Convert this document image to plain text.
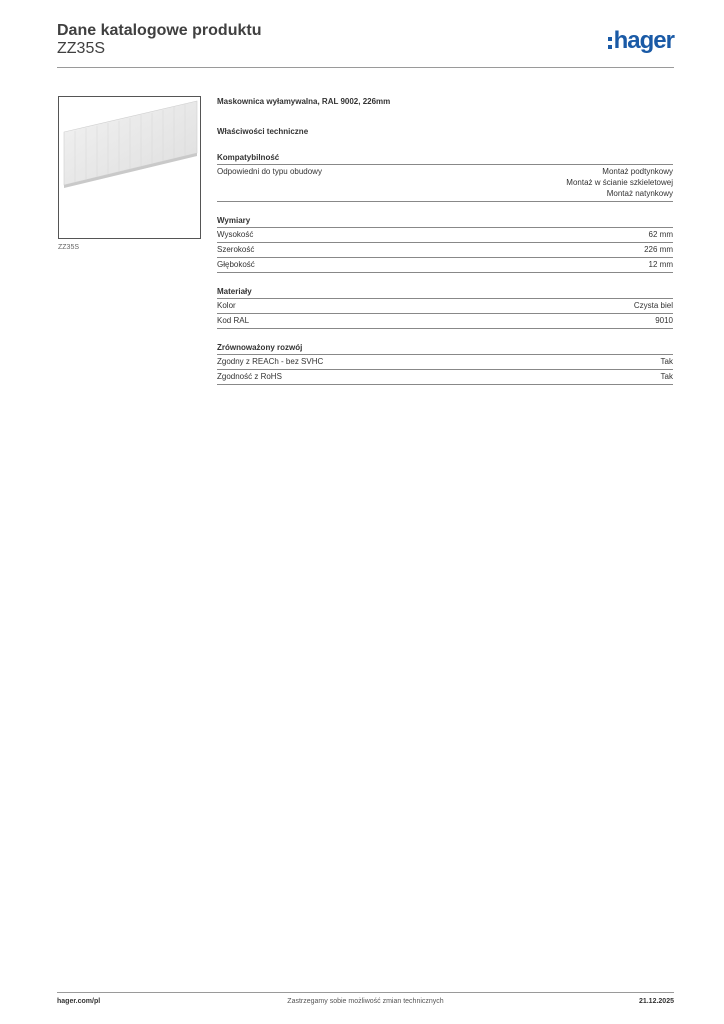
Dane katalogowe produktu
ZZ35S	hager
ZZ35S
Maskownica wyłamywalna, RAL 9002, 226mm
Właściwości techniczne
Kompatybilność
Odpowiedni do typu obudowy	Montaż podtynkowy
Montaż w ścianie szkieletowej
Montaż natynkowy
Wymiary
Wysokość	62 mm
Szerokość	226 mm
Głębokość	12 mm
Materiały
Kolor	Czysta biel
Kod RAL	9010
Zrównoważony rozwój
Zgodny z REACh - bez SVHC	Tak
Zgodność z RoHS	Tak
hager.com/pl	Zastrzegamy sobie możliwość zmian technicznych	21.12.2025
